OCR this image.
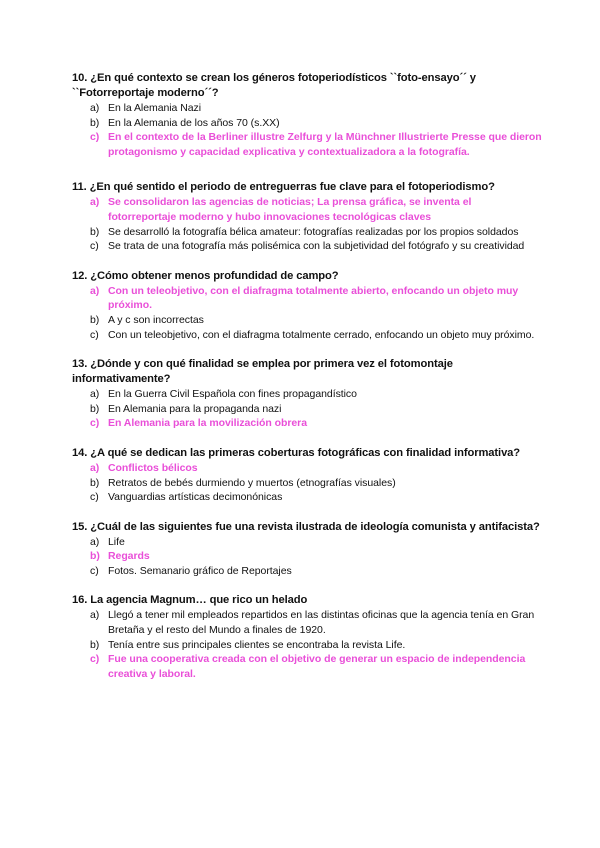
10. ¿En qué contexto se crean los géneros fotoperiodísticos ``foto-ensayo´´ y ``Fotorreportaje moderno´´?

a) En la Alemania Nazi
b) En la Alemania de los años 70 (s.XX)
c) En el contexto de la Berliner illustre Zelfurg y la Münchner Illustrierte Presse que dieron protagonismo y capacidad explicativa y contextualizadora a la fotografía.

11. ¿En qué sentido el periodo de entreguerras fue clave para el fotoperiodismo?

a) Se consolidaron las agencias de noticias; La prensa gráfica, se inventa el fotorreportaje moderno y hubo innovaciones tecnológicas claves
b) Se desarrolló la fotografía bélica amateur: fotografías realizadas por los propios soldados
c) Se trata de una fotografía más polisémica con la subjetividad del fotógrafo y su creatividad

12. ¿Cómo obtener menos profundidad de campo?

a) Con un teleobjetivo, con el diafragma totalmente abierto, enfocando un objeto muy próximo.
b) A y c son incorrectas
c) Con un teleobjetivo, con el diafragma totalmente cerrado, enfocando un objeto muy próximo.

13. ¿Dónde y con qué finalidad se emplea por primera vez el fotomontaje informativamente?

a) En la Guerra Civil Española con fines propagandístico
b) En Alemania para la propaganda nazi
c) En Alemania para la movilización obrera

14. ¿A qué se dedican las primeras coberturas fotográficas con finalidad informativa?

a) Conflictos bélicos
b) Retratos de bebés durmiendo y muertos (etnografías visuales)
c) Vanguardias artísticas decimonónicas

15. ¿Cuál de las siguientes fue una revista ilustrada de ideología comunista y antifacista?

a) Life
b) Regards
c) Fotos. Semanario gráfico de Reportajes

16. La agencia Magnum… que rico un helado

a) Llegó a tener mil empleados repartidos en las distintas oficinas que la agencia tenía en Gran Bretaña y el resto del Mundo a finales de 1920.
b) Tenía entre sus principales clientes se encontraba la revista Life.
c) Fue una cooperativa creada con el objetivo de generar un espacio de independencia creativa y laboral.
